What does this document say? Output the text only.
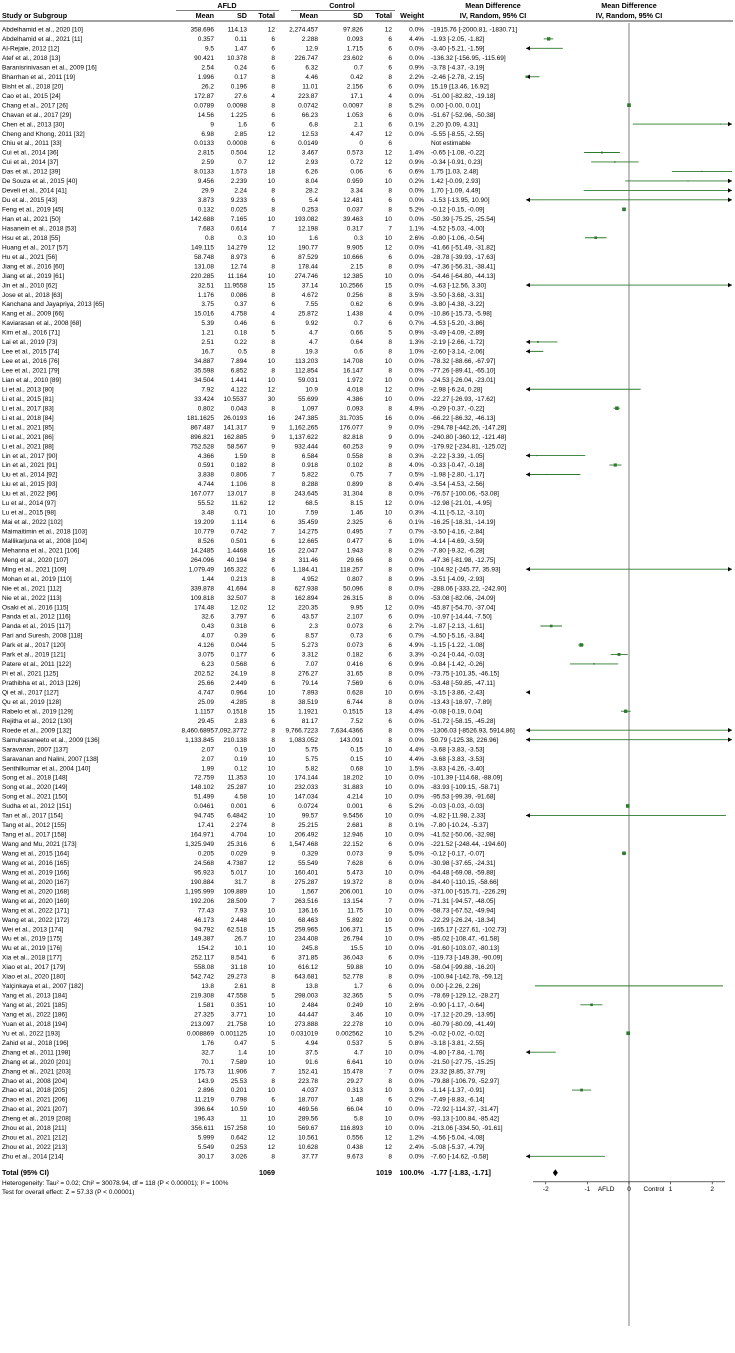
AFLD	Control	Mean Difference	Mean Difference
Study or Subgroup	Mean	SD Total	Mean	SD Total Weight	IV, Random, 95% CI	IV, Random, 95% CI
Abdelhamid et al., 2020 [10]	358.696 114.13	12 2,274.457	97.826	12	0.0% -1915.76 [-2000.81, -1830.71]
Abdelhamid et al., 2021 [11]	0.357	0.11	6	2.288	0.093	6	4.4% -1.93 [-2.05, -1.82]
Al-Rejaie, 2012 [12]	9.5	1.47	6	12.9	1.715	6	0.0% -3.40 [-5.21, -1.59]
Atef et al., 2018 [13]	90.421 10.378	8	226.747	23.602	6	0.0% -136.32 [-156.95, -115.69]
Baranisrinivasan et al., 2009 [16]	2.54	0.24	6	6.32	0.7	6	0.9% -3.78 [-4.37, -3.19]
Bharrhan et al., 2011 [19]	1.996	0.17	8	4.46	0.42	8	2.2% -2.46 [-2.78, -2.15]
Bisht et al., 2018 [20]	26.2	0.196	8	11.01	2.156	6	0.0% 15.19 [13.46, 16.92]
Cao et al., 2015 [24]	172.87	27.6	4	223.87	17.1	4	0.0% -51.00 [-82.82, -19.18]
Chang et al., 2017 [26]	0.0789 0.0098	8	0.0742	0.0097	8	5.2% 0.00 [-0.00, 0.01]
Chavan et al., 2017 [29]	14.56	1.225	6	66.23	1.053	6	0.0% -51.67 [-52.96, -50.38]
Chen et al., 2013 [30]	9	1.6	6	6.8	2.1	6	0.1% 2.20 [0.09, 4.31]
Cheng and Khong, 2011 [32]	6.98	2.85	12	12.53	4.47	12	0.0% -5.55 [-8.55, -2.55]
Chiu et al., 2011 [33]	0.0133 0.0008	6	0.0149	0	6	Not estimable
Cui et al., 2014 [36]	2.815	0.504	12	3.467	0.573	12	1.4% -0.65 [-1.08, -0.22]
Cui et al., 2014 [37]	2.59	0.7	12	2.93	0.72	12	0.9% -0.34 [-0.91, 0.23]
Das et al., 2012 [39]	8.0133	1.573	18	6.26	0.06	6	0.6% 1.75 [1.03, 2.48]
De Souza et al., 2015 [40]	9.456	2.239	10	8.04	0.959	10	0.2% 1.42 [-0.09, 2.93]
Develi et al., 2014 [41]	29.9	2.24	8	28.2	3.34	8	0.0% 1.70 [-1.09, 4.49]
Du et al., 2015 [43]	3.873	9.233	6	5.4	12.481	6	0.0% -1.53 [-13.95, 10.90]
Feng et al., 2019 [45]	0.132	0.025	8	0.253	0.037	8	5.2% -0.12 [-0.15, -0.09]
Han et al., 2021 [50]	142.688	7.165	10	193.082	39.463	10	0.0% -50.39 [-75.25, -25.54]
Hasanein et al., 2018 [53]	7.683	0.614	7	12.198	0.317	7	1.1% -4.52 [-5.03, -4.00]
Hsu et al., 2018 [55]	0.8	0.3	10	1.6	0.3	10	2.6% -0.80 [-1.06, -0.54]
Huang et al., 2017 [57]	149.115 14.279	12	190.77	9.905	12	0.0% -41.66 [-51.49, -31.82]
Hu et al., 2021 [56]	58.748	8.973	6	87.529	10.666	6	0.0% -28.78 [-39.93, -17.63]
Jiang et al., 2016 [60]	131.08	12.74	8	178.44	2.15	8	0.0% -47.36 [-56.31, -38.41]
Jiang et al., 2019 [61]	220.285 11.164	10	274.746	12.385	10	0.0% -54.46 [-64.80, -44.13]
Jin et al., 2010 [62]	32.51 11.9558	15	37.14	10.2566	15	0.0% -4.63 [-12.56, 3.30]
Jose et al., 2018 [63]	1.176	0.086	8	4.672	0.256	8	3.5% -3.50 [-3.68, -3.31]
Kanchana and Jayapriya, 2013 [65]	3.75	0.37	6	7.55	0.62	6	0.9% -3.80 [-4.38, -3.22]
Kang et al., 2009 [66]	15.016	4.758	4	25.872	1.438	4	0.0% -10.86 [-15.73, -5.98]
Kaviarasan et al., 2008 [68]	5.39	0.46	6	9.92	0.7	6	0.7% -4.53 [-5.20, -3.86]
Kim et al., 2016 [71]	1.21	0.18	5	4.7	0.66	5	0.9% -3.49 [-4.09, -2.89]
Lai et al., 2019 [73]	2.51	0.22	8	4.7	0.64	8	1.3% -2.19 [-2.66, -1.72]
Lee et al., 2015 [74]	16.7	0.5	8	19.3	0.6	8	1.0% -2.60 [-3.14, -2.06]
Lee et al., 2016 [76]	34.887	7.894	10	113.203	14.708	10	0.0% -78.32 [-88.66, -67.97]
Lee et al., 2021 [79]	35.598	6.852	8	112.854	16.147	8	0.0% -77.26 [-89.41, -65.10]
Lian et al., 2010 [89]	34.504	1.441	10	59.031	1.972	10	0.0% -24.53 [-26.04, -23.01]
Li et al., 2013 [80]	7.92	4.122	12	10.9	4.018	12	0.0% -2.98 [-6.24, 0.28]
Li et al., 2015 [81]	33.424 10.5537	30	55.699	4.386	10	0.0% -22.27 [-26.93, -17.62]
Li et al., 2017 [83]	0.802	0.043	8	1.097	0.093	8	4.9% -0.29 [-0.37, -0.22]
Li et al., 2018 [84]	181.1625 26.0193	16	247.385	31.7035	16	0.0% -66.22 [-86.32, -46.13]
Li et al., 2021 [85]	867.487 141.317	9 1,162.265	176.077	9	0.0% -294.78 [-442.26, -147.28]
Li et al., 2021 [86]	896.821 162.885	9 1,137.622	82.818	9	0.0% -240.80 [-360.12, -121.48]
Li et al., 2021 [88]	752.528 58.567	9	932.444	60.253	9	0.0% -179.92 [-234.81, -125.02]
Lin et al., 2017 [90]	4.366	1.59	8	6.584	0.558	8	0.3% -2.22 [-3.39, -1.05]
Lin et al., 2021 [91]	0.591	0.182	8	0.918	0.102	8	4.0% -0.33 [-0.47, -0.18]
Liu et al., 2014 [92]	3.838	0.806	7	5.822	0.75	7	0.5% -1.98 [-2.80, -1.17]
Liu et al., 2015 [93]	4.744	1.106	8	8.288	0.899	8	0.4% -3.54 [-4.53, -2.56]
Liu et al., 2022 [96]	167.077 13.017	8	243.645	31.304	8	0.0% -76.57 [-100.06, -53.08]
Lu et al., 2014 [97]	55.52	11.62	12	68.5	8.15	12	0.0% -12.98 [-21.01, -4.95]
Lu et al., 2015 [98]	3.48	0.71	10	7.59	1.46	10	0.3% -4.11 [-5.12, -3.10]
Mai et al., 2022 [102]	19.209	1.114	6	35.459	2.325	6	0.1% -16.25 [-18.31, -14.19]
Maimaitimin et al., 2018 [103]	10.779	0.742	7	14.275	0.495	7	0.7% -3.50 [-4.16, -2.84]
Mallikarjuna et al., 2008 [104]	8.526	0.501	6	12.665	0.477	6	1.0% -4.14 [-4.69, -3.59]
Mehanna et al., 2021 [106]	14.2485 1.4468	16	22.047	1.943	8	0.2% -7.80 [-9.32, -6.28]
Meng et al., 2020 [107]	264.096 40.194	8	311.46	29.66	8	0.0% -47.36 [-81.98, -12.75]
Ming et al., 2021 [109]	1,079.49 165.322	6	1,184.41	118.257	8	0.0% -104.92 [-245.77, 35.93]
Mohan et al., 2019 [110]	1.44	0.213	8	4.952	0.807	8	0.9% -3.51 [-4.09, -2.93]
Nie et al., 2021 [112]	339.878 41.694	8	627.938	50.096	8	0.0% -288.06 [-333.22, -242.90]
Nie et al., 2022 [113]	109.818 32.507	8	162.894	26.315	8	0.0% -53.08 [-82.06, -24.09]
Osaki et al., 2016 [115]	174.48	12.02	12	220.35	9.95	12	0.0% -45.87 [-54.70, -37.04]
Panda et al., 2012 [116]	32.6	3.797	6	43.57	2.107	6	0.0% -10.97 [-14.44, -7.50]
Panda et al., 2015 [117]	0.43	0.318	6	2.3	0.073	6	2.7% -1.87 [-2.13, -1.61]
Pari and Suresh, 2008 [118]	4.07	0.39	6	8.57	0.73	6	0.7% -4.50 [-5.16, -3.84]
Park et al., 2017 [120]	4.126	0.044	5	5.273	0.073	6	4.9% -1.15 [-1.22, -1.08]
Park et al., 2019 [121]	3.075	0.177	6	3.312	0.182	6	3.3% -0.24 [-0.44, -0.03]
Patere et al., 2011 [122]	6.23	0.568	6	7.07	0.416	6	0.9% -0.84 [-1.42, -0.26]
Pi et al., 2021 [125]	202.52	24.19	8	276.27	31.65	8	0.0% -73.75 [-101.35, -46.15]
Prathibha et al., 2013 [126]	25.66	2.449	6	79.14	7.569	6	0.0% -53.48 [-59.85, -47.11]
Qi et al., 2017 [127]	4.747	0.964	10	7.893	0.628	10	0.6% -3.15 [-3.86, -2.43]
Qu et al., 2019 [128]	25.09	4.285	8	38.519	6.744	8	0.0% -13.43 [-18.97, -7.89]
Rabelo et al., 2019 [129]	1.1157 0.1518	15	1.1921	0.1515	13	4.4% -0.08 [-0.19, 0.04]
Rejitha et al., 2012 [130]	29.45	2.83	6	81.17	7.52	6	0.0% -51.72 [-58.15, -45.28]
Roede et al., 2009 [132]	8,460.6895 7,092.3772	8 9,766.7223 7,634.4366	8	0.0% -1306.03 [-8526.93, 5914.86]
Samuhasaneeto et al., 2009 [136]	1,133.845 210.138	8 1,083.052	143.091	8	0.0% 50.79 [-125.38, 226.96]
Saravanan, 2007 [137]	2.07	0.19	10	5.75	0.15	10	4.4% -3.68 [-3.83, -3.53]
Saravanan and Nalini, 2007 [138]	2.07	0.19	10	5.75	0.15	10	4.4% -3.68 [-3.83, -3.53]
Senthilkumar et al., 2004 [140]	1.99	0.12	10	5.82	0.68	10	1.5% -3.83 [-4.26, -3.40]
Song et al., 2018 [148]	72.759 11.353	10	174.144	18.202	10	0.0% -101.39 [-114.68, -88.09]
Song et al., 2020 [149]	148.102 25.287	10	232.033	31.883	10	0.0% -83.93 [-109.15, -58.71]
Song et al., 2021 [150]	51.499	4.58	10	147.034	4.214	10	0.0% -95.53 [-99.39, -91.68]
Sudha et al., 2012 [151]	0.0461	0.001	6	0.0724	0.001	6	5.2% -0.03 [-0.03, -0.03]
Tan et al., 2017 [154]	94.745 6.4842	10	99.57	9.5456	10	0.0% -4.82 [-11.98, 2.33]
Tang et al., 2012 [155]	17.41	2.274	8	25.215	2.681	8	0.1% -7.80 [-10.24, -5.37]
Tang et al., 2017 [158]	164.971	4.704	10	206.492	12.946	10	0.0% -41.52 [-50.06, -32.98]
Wang and Mu, 2021 [173]	1,325.949 25.316	6 1,547.468	22.152	6	0.0% -221.52 [-248.44, -194.60]
Wang et al., 2015 [164]	0.205	0.029	9	0.329	0.073	9	5.0% -0.12 [-0.17, -0.07]
Wang et al., 2016 [165]	24.568 4.7387	12	55.549	7.628	6	0.0% -30.98 [-37.65, -24.31]
Wang et al., 2019 [166]	95.923	5.017	10	160.401	5.473	10	0.0% -64.48 [-69.08, -59.88]
Wang et al., 2020 [167]	190.884	31.7	8	275.287	19.372	8	0.0% -84.40 [-110.15, -58.66]
Wang et al., 2020 [168]	1,195.999 109.889	10	1,567	206.001	10	0.0% -371.00 [-515.71, -226.29]
Wang et al., 2020 [169]	192.206 28.509	7	263.516	13.154	7	0.0% -71.31 [-94.57, -48.05]
Wang et al., 2022 [171]	77.43	7.93	10	136.16	11.75	10	0.0% -58.73 [-67.52, -49.94]
Wang et al., 2022 [172]	46.173	2.448	10	68.463	5.892	10	0.0% -22.29 [-26.24, -18.34]
Wei et al., 2013 [174]	94.792 62.518	15	259.965	106.371	15	0.0% -165.17 [-227.61, -102.73]
Wu et al., 2019 [175]	149.387	26.7	10	234.408	26.794	10	0.0% -85.02 [-108.47, -61.58]
Wu et al., 2019 [176]	154.2	10.1	10	245.8	15.5	10	0.0% -91.60 [-103.07, -80.13]
Xia et al., 2018 [177]	252.117	8.541	6	371.85	36.043	6	0.0% -119.73 [-149.39, -90.09]
Xiao et al., 2017 [179]	558.08	31.18	10	616.12	59.88	10	0.0% -58.04 [-99.88, -16.20]
Xiao et al., 2020 [180]	542.742 29.273	8	643.681	52.778	8	0.0% -100.94 [-142.78, -59.12]
Yalçinkaya et al., 2007 [182]	13.8	2.61	8	13.8	1.7	6	0.0% 0.00 [-2.26, 2.26]
Yang et al., 2013 [184]	219.308 47.558	5	298.003	32.365	5	0.0% -78.69 [-129.12, -28.27]
Yang et al., 2021 [185]	1.581	0.351	10	2.484	0.249	10	2.6% -0.90 [-1.17, -0.64]
Yang et al., 2022 [186]	27.325	3.771	10	44.447	3.46	10	0.0% -17.12 [-20.29, -13.95]
Yuan et al., 2018 [194]	213.097 21.758	10	273.888	22.278	10	0.0% -60.79 [-80.09, -41.49]
Yu et al., 2022 [193]	0.008869 0.001125	10 0.031019	0.002562	10	5.2% -0.02 [-0.02, -0.02]
Zahid et al., 2018 [196]	1.76	0.47	5	4.94	0.537	5	0.8% -3.18 [-3.81, -2.55]
Zhang et al., 2011 [198]	32.7	1.4	10	37.5	4.7	10	0.0% -4.80 [-7.84, -1.76]
Zhang et al., 2020 [201]	70.1	7.589	10	91.6	6.641	10	0.0% -21.50 [-27.75, -15.25]
Zhang et al., 2021 [203]	175.73 11.906	7	152.41	15.478	7	0.0% 23.32 [8.85, 37.79]
Zhao et al., 2008 [204]	143.9	25.53	8	223.78	29.27	8	0.0% -79.88 [-106.79, -52.97]
Zhao et al., 2018 [205]	2.896	0.201	10	4.037	0.313	10	3.0% -1.14 [-1.37, -0.91]
Zhao et al., 2021 [206]	11.219	0.798	6	18.707	1.48	6	0.2% -7.49 [-8.83, -6.14]
Zhao et al., 2021 [207]	396.64	10.59	10	469.56	66.04	10	0.0% -72.92 [-114.37, -31.47]
Zheng et al., 2019 [208]	196.43	11	10	289.56	5.8	10	0.0% -93.13 [-100.84, -85.42]
Zhou et al., 2018 [211]	356.611 157.258	10	569.67	116.893	10	0.0% -213.06 [-334.50, -91.61]
Zhou et al., 2021 [212]	5.999	0.642	12	10.561	0.556	12	1.2% -4.56 [-5.04, -4.08]
Zhou et al., 2022 [213]	5.549	0.253	12	10.628	0.438	12	2.4% -5.08 [-5.37, -4.79]
Zhu et al., 2014 [214]	30.17	3.026	8	37.77	9.673	8	0.0% -7.60 [-14.62, -0.58]
-2	-1	0	1	2
AFLD	Control
Total (95% CI)	1069	1019 100.0% -1.77 [-1.83, -1.71]
Heterogeneity: Tau² = 0.02; Chi² = 30078.94, df = 118 (P < 0.00001); I² = 100%
Test for overall effect: Z = 57.33 (P < 0.00001)
